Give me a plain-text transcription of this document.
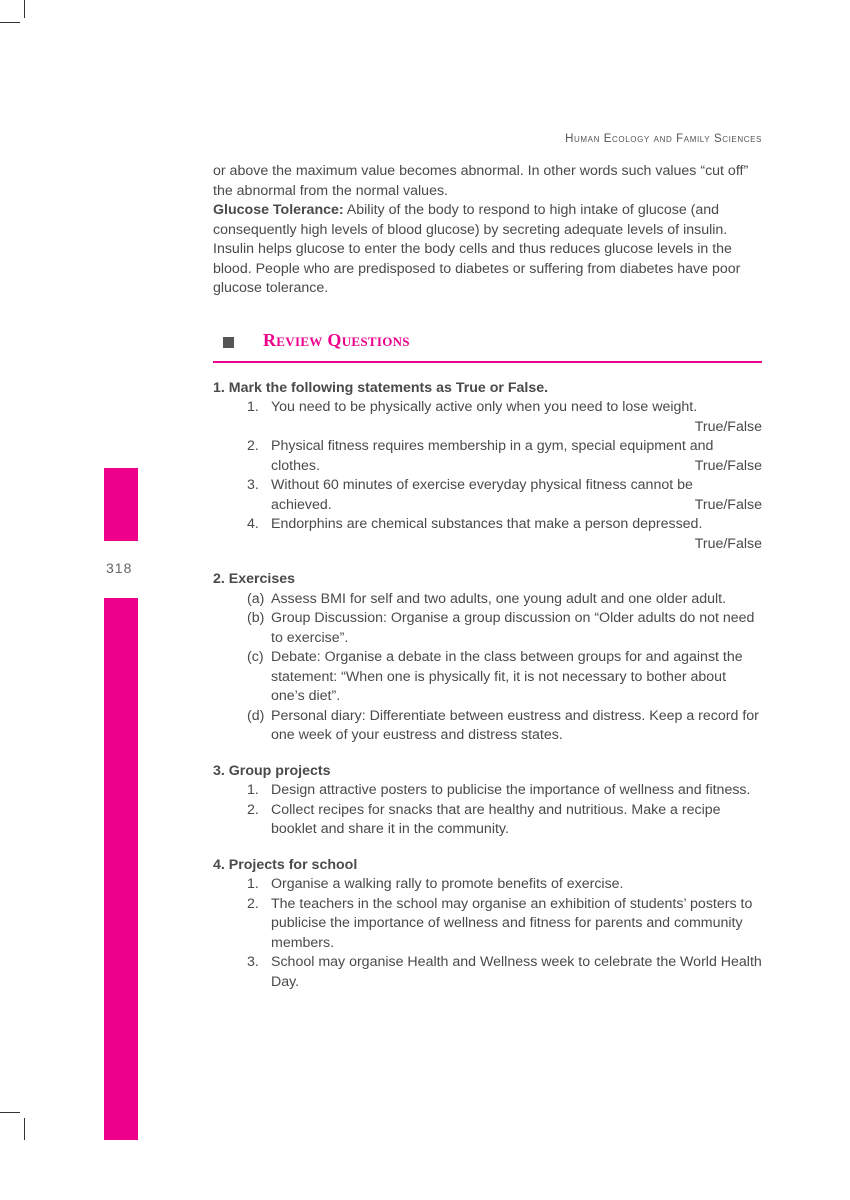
318
Human Ecology and Family Sciences

or above the maximum value becomes abnormal. In other words such values “cut off” the abnormal from the normal values.

Glucose Tolerance: Ability of the body to respond to high intake of glucose (and consequently high levels of blood glucose) by secreting adequate levels of insulin. Insulin helps glucose to enter the body cells and thus reduces glucose levels in the blood. People who are predisposed to diabetes or suffering from diabetes have poor glucose tolerance.

Review Questions
1. Mark the following statements as True or False.
1. You need to be physically active only when you need to lose weight.
True/False
2. Physical fitness requires membership in a gym, special equipment and
clothes.	True/False
3. Without 60 minutes of exercise everyday physical fitness cannot be
achieved.	True/False
4. Endorphins are chemical substances that make a person depressed.
True/False
2. Exercises
(a) Assess BMI for self and two adults, one young adult and one older adult.
(b) Group Discussion: Organise a group discussion on “Older adults do not need to exercise”.
(c) Debate: Organise a debate in the class between groups for and against the statement: “When one is physically fit, it is not necessary to bother about one’s diet”.
(d) Personal diary: Differentiate between eustress and distress. Keep a record for one week of your eustress and distress states.
3. Group projects
1. Design attractive posters to publicise the importance of wellness and fitness.
2. Collect recipes for snacks that are healthy and nutritious. Make a recipe booklet and share it in the community.
4. Projects for school
1. Organise a walking rally to promote benefits of exercise.
2. The teachers in the school may organise an exhibition of students’ posters to publicise the importance of wellness and fitness for parents and community members.
3. School may organise Health and Wellness week to celebrate the World Health Day.
